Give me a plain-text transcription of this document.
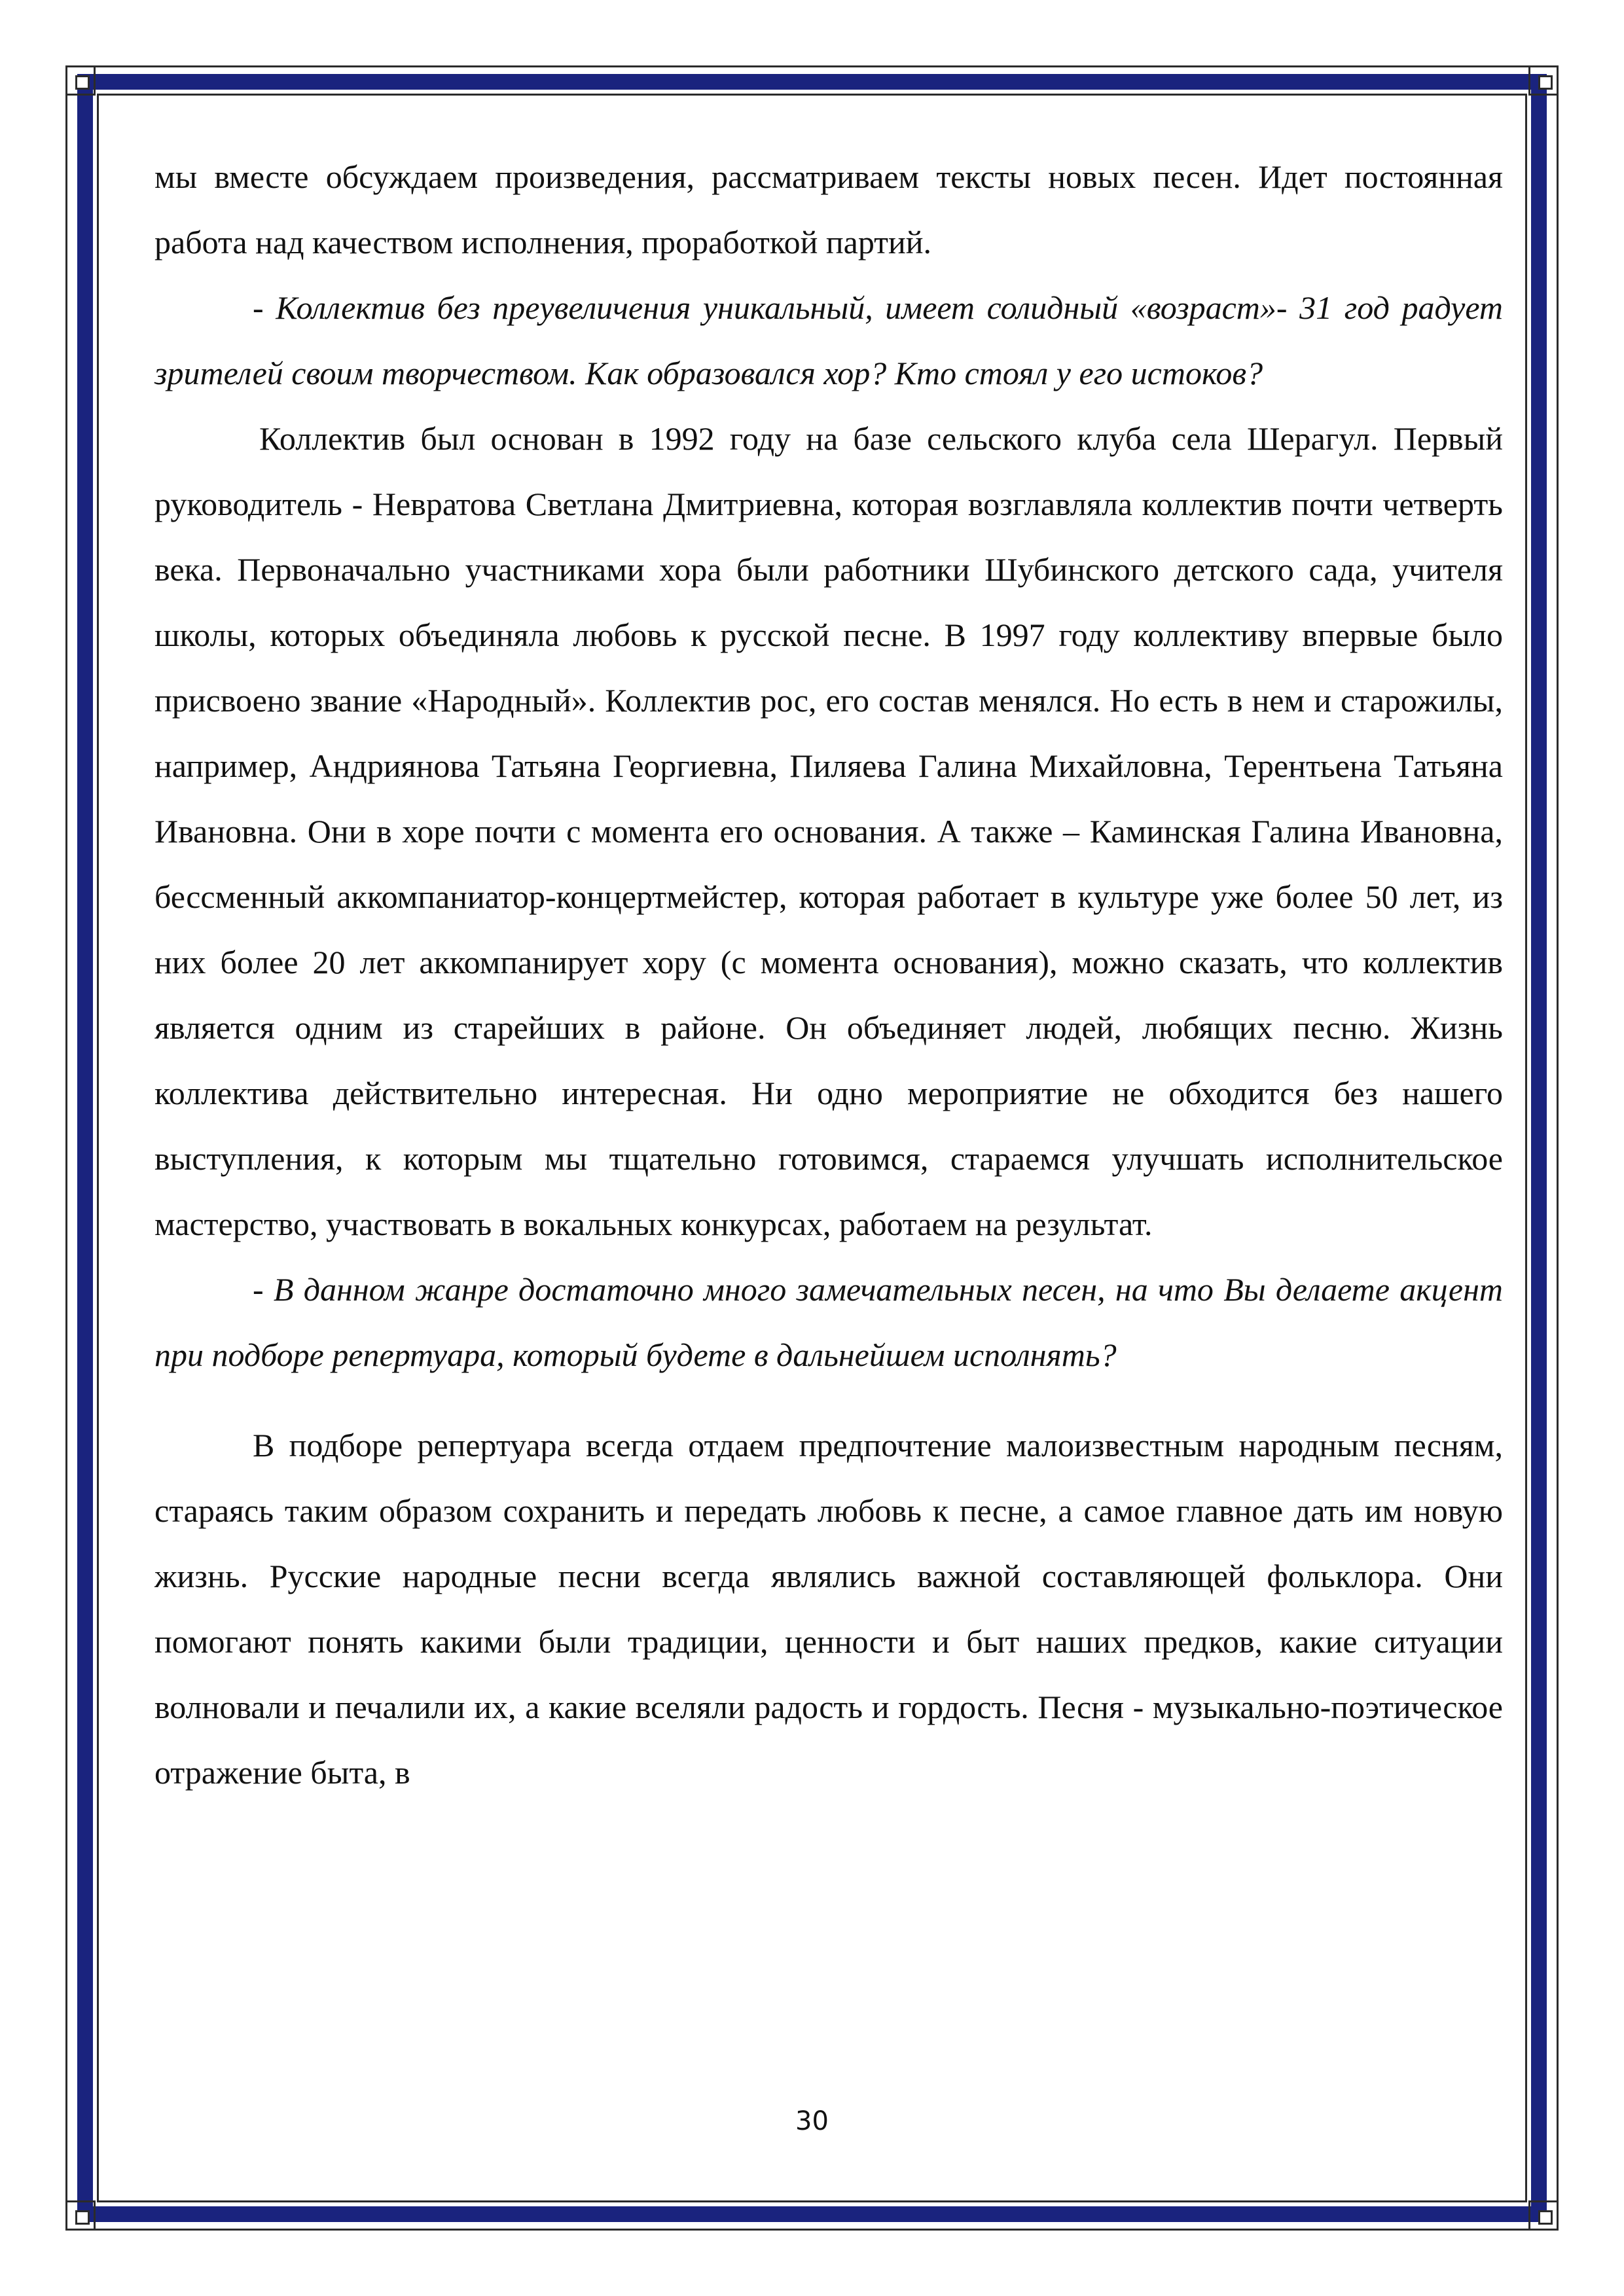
мы вместе обсуждаем произведения, рассматриваем тексты новых песен. Идет постоянная работа над качеством исполнения, проработкой партий.

- Коллектив без преувеличения уникальный, имеет солидный «возраст»- 31 год радует зрителей своим творчеством. Как образовался хор? Кто стоял у его истоков?

Коллектив был основан в 1992 году на базе сельского клуба села Шерагул. Первый руководитель - Невратова Светлана Дмитриевна, которая возглавляла коллектив почти четверть века. Первоначально участниками хора были работники Шубинского детского сада, учителя школы, которых объединяла любовь к русской песне. В 1997 году коллективу впервые было присвоено звание «Народный». Коллектив рос, его состав менялся. Но есть в нем и старожилы, например, Андриянова Татьяна Георгиевна, Пиляева Галина Михайловна, Терентьена Татьяна Ивановна. Они в хоре почти с момента его основания. А также – Каминская Галина Ивановна, бессменный аккомпаниатор-концертмейстер, которая работает в культуре уже более 50 лет, из них более 20 лет аккомпанирует хору (с момента основания), можно сказать, что коллектив является одним из старейших в районе. Он объединяет людей, любящих песню. Жизнь коллектива действительно интересная. Ни одно мероприятие не обходится без нашего выступления, к которым мы тщательно готовимся, стараемся улучшать исполнительское мастерство, участвовать в вокальных конкурсах, работаем на результат.

- В данном жанре достаточно много замечательных песен, на что Вы делаете акцент при подборе репертуара, который будете в дальнейшем исполнять?

В подборе репертуара всегда отдаем предпочтение малоизвестным народным песням, стараясь таким образом сохранить и передать любовь к песне, а самое главное дать им новую жизнь. Русские народные песни всегда являлись важной составляющей фольклора. Они помогают понять какими были традиции, ценности и быт наших предков, какие ситуации волновали и печалили их, а какие вселяли радость и гордость. Песня - музыкально-поэтическое отражение быта, в

30
